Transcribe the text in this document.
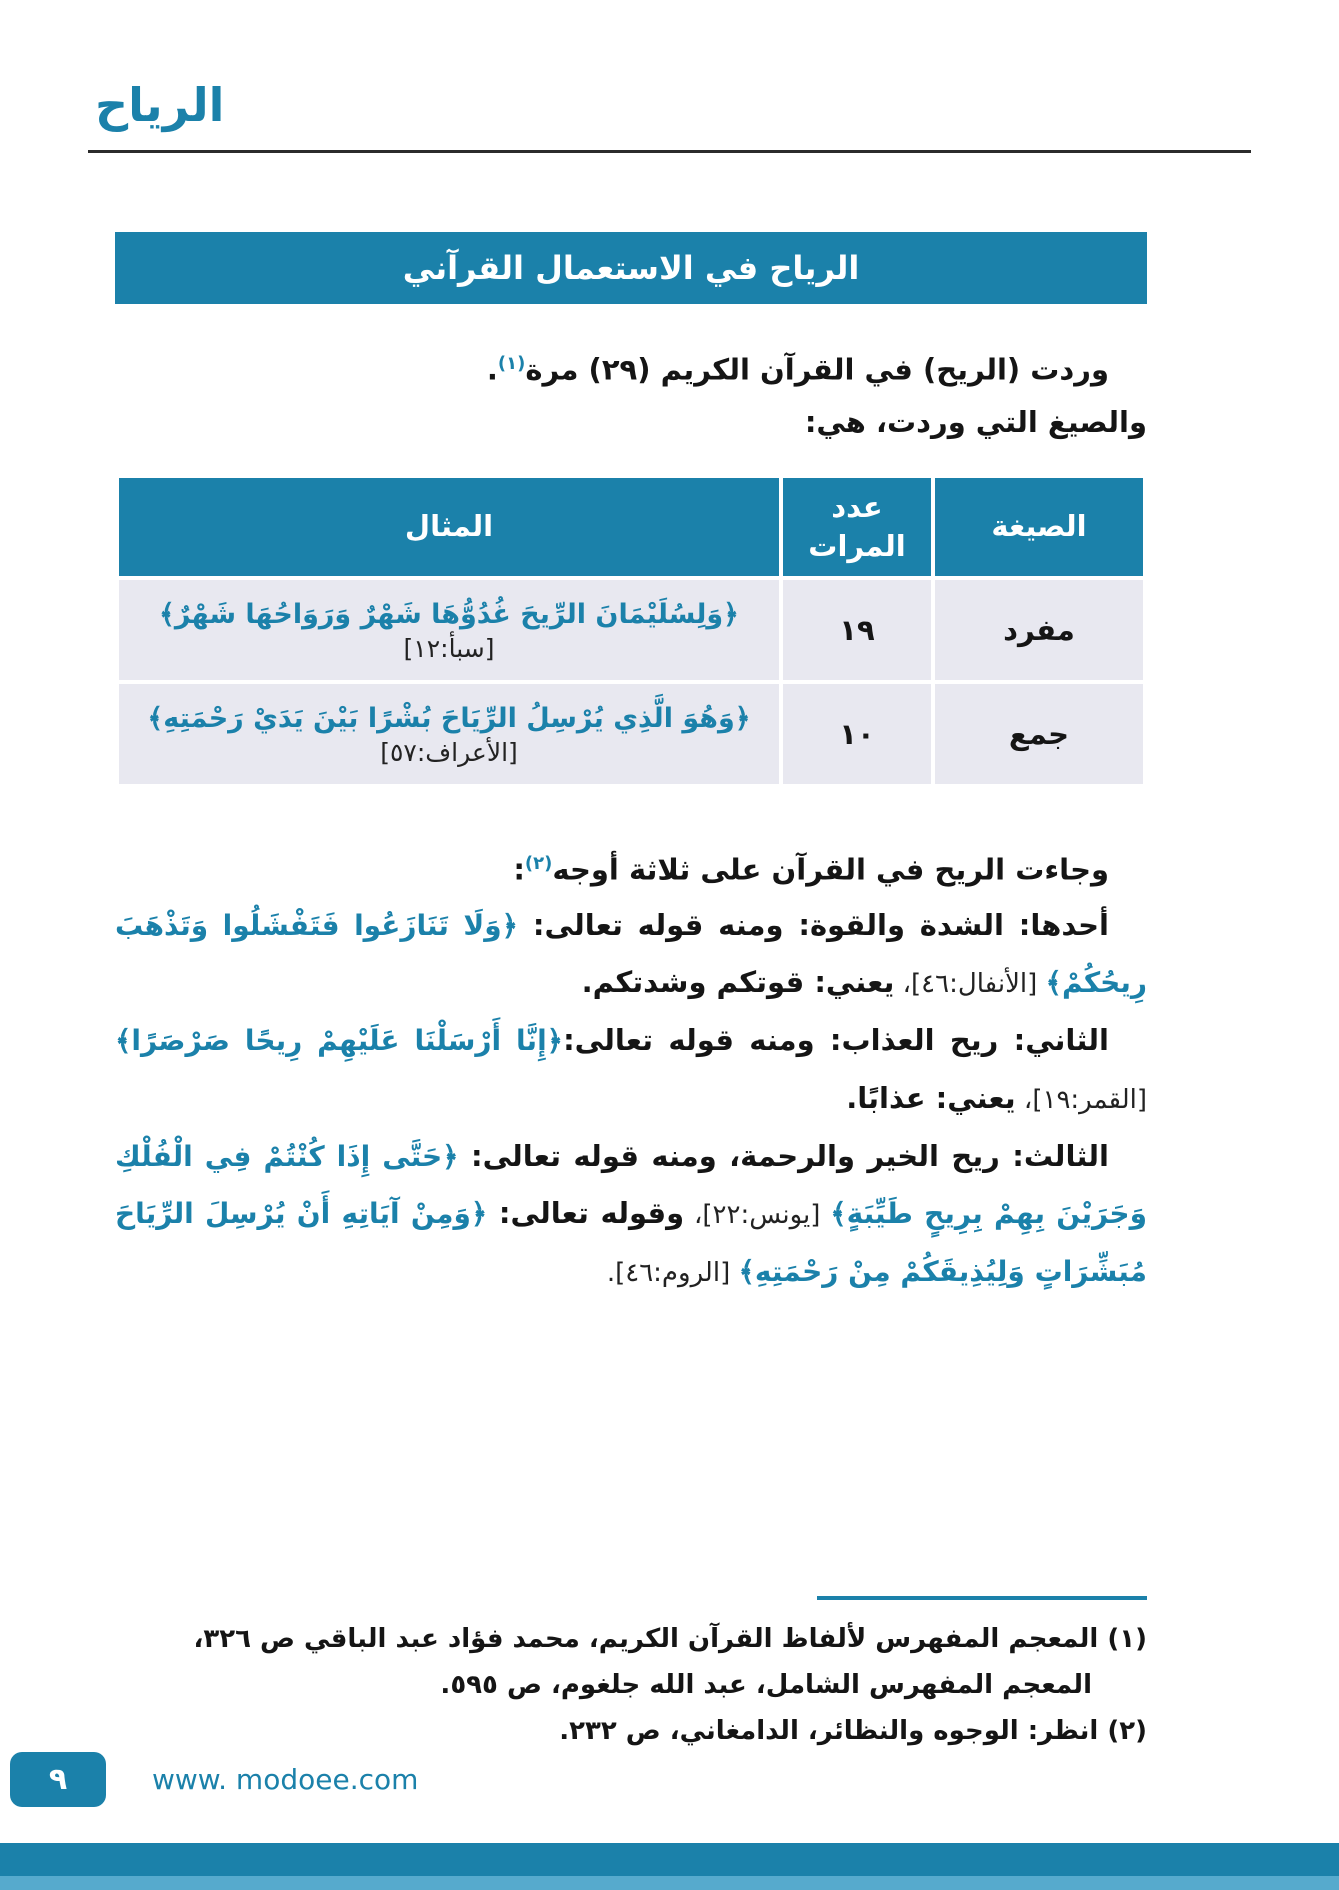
الرياح
الرياح في الاستعمال القرآني

وردت (الريح) في القرآن الكريم (٢٩) مرة$^{(١)}$.

والصيغ التي وردت، هي:

الصيغة	عدد المرات	المثال
مفرد	١٩	﴿وَلِسُلَيْمَانَ الرِّيحَ غُدُوُّهَا شَهْرٌ وَرَوَاحُهَا شَهْرٌ﴾ [سبأ:١٢]
جمع	١٠	﴿وَهُوَ الَّذِي يُرْسِلُ الرِّيَاحَ بُشْرًا بَيْنَ يَدَيْ رَحْمَتِهِ﴾ [الأعراف:٥٧]

وجاءت الريح في القرآن على ثلاثة أوجه$^{(٢)}$:

أحدها: الشدة والقوة: ومنه قوله تعالى: ﴿وَلَا تَنَازَعُوا فَتَفْشَلُوا وَتَذْهَبَ رِيحُكُمْ﴾ [الأنفال:٤٦]، يعني: قوتكم وشدتكم.

الثاني: ريح العذاب: ومنه قوله تعالى:﴿إِنَّا أَرْسَلْنَا عَلَيْهِمْ رِيحًا صَرْصَرًا﴾ [القمر:١٩]، يعني: عذابًا.

الثالث: ريح الخير والرحمة، ومنه قوله تعالى: ﴿حَتَّى إِذَا كُنْتُمْ فِي الْفُلْكِ وَجَرَيْنَ بِهِمْ بِرِيحٍ طَيِّبَةٍ﴾ [يونس:٢٢]، وقوله تعالى: ﴿وَمِنْ آيَاتِهِ أَنْ يُرْسِلَ الرِّيَاحَ مُبَشِّرَاتٍ وَلِيُذِيقَكُمْ مِنْ رَحْمَتِهِ﴾ [الروم:٤٦].

(١) المعجم المفهرس لألفاظ القرآن الكريم، محمد فؤاد عبد الباقي ص ٣٢٦، المعجم المفهرس الشامل، عبد الله جلغوم، ص ٥٩٥.

(٢) انظر: الوجوه والنظائر، الدامغاني، ص ٢٣٢.

٩	www. modoee.com
